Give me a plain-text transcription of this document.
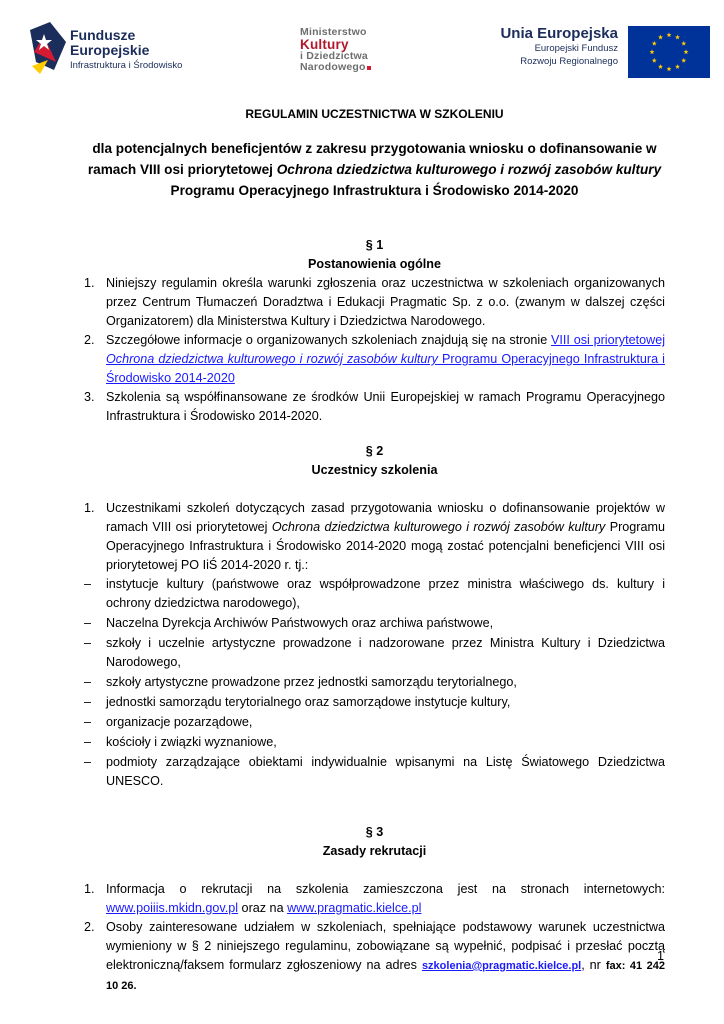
Fundusze
Europejskie
Infrastruktura i Środowisko
Ministerstwo
Kultury
i Dziedzictwa
Narodowego
Unia Europejska
Europejski Fundusz
Rozwoju Regionalnego
REGULAMIN UCZESTNICTWA W SZKOLENIU
dla potencjalnych beneficjentów z zakresu przygotowania wniosku o dofinansowanie w ramach VIII osi priorytetowej Ochrona dziedzictwa kulturowego i rozwój zasobów kultury Programu Operacyjnego Infrastruktura i Środowisko 2014-2020
§ 1
Postanowienia ogólne
1. Niniejszy regulamin określa warunki zgłoszenia oraz uczestnictwa w szkoleniach organizowanych przez Centrum Tłumaczeń Doradztwa i Edukacji Pragmatic Sp. z o.o. (zwanym w dalszej części Organizatorem) dla Ministerstwa Kultury i Dziedzictwa Narodowego.
2. Szczegółowe informacje o organizowanych szkoleniach znajdują się na stronie VIII osi priorytetowej Ochrona dziedzictwa kulturowego i rozwój zasobów kultury Programu Operacyjnego Infrastruktura i Środowisko 2014-2020
3. Szkolenia są współfinansowane ze środków Unii Europejskiej w ramach Programu Operacyjnego Infrastruktura i Środowisko 2014-2020.
§ 2
Uczestnicy szkolenia
1. Uczestnikami szkoleń dotyczących zasad przygotowania wniosku o dofinansowanie projektów w ramach VIII osi priorytetowej Ochrona dziedzictwa kulturowego i rozwój zasobów kultury Programu Operacyjnego Infrastruktura i Środowisko 2014-2020 mogą zostać potencjalni beneficjenci VIII osi priorytetowej PO IiŚ 2014-2020 r. tj.:
– instytucje kultury (państwowe oraz współprowadzone przez ministra właściwego ds. kultury i ochrony dziedzictwa narodowego),
– Naczelna Dyrekcja Archiwów Państwowych oraz archiwa państwowe,
– szkoły i uczelnie artystyczne prowadzone i nadzorowane przez Ministra Kultury i Dziedzictwa Narodowego,
– szkoły artystyczne prowadzone przez jednostki samorządu terytorialnego,
– jednostki samorządu terytorialnego oraz samorządowe instytucje kultury,
– organizacje pozarządowe,
– kościoły i związki wyznaniowe,
– podmioty zarządzające obiektami indywidualnie wpisanymi na Listę Światowego Dziedzictwa UNESCO.
§ 3
Zasady rekrutacji
1. Informacja o rekrutacji na szkolenia zamieszczona jest na stronach internetowych: www.poiiis.mkidn.gov.pl oraz na www.pragmatic.kielce.pl
2. Osoby zainteresowane udziałem w szkoleniach, spełniające podstawowy warunek uczestnictwa wymieniony w § 2 niniejszego regulaminu, zobowiązane są wypełnić, podpisać i przesłać pocztą elektroniczną/faksem formularz zgłoszeniowy na adres szkolenia@pragmatic.kielce.pl, nr fax: 41 242 10 26.
1
